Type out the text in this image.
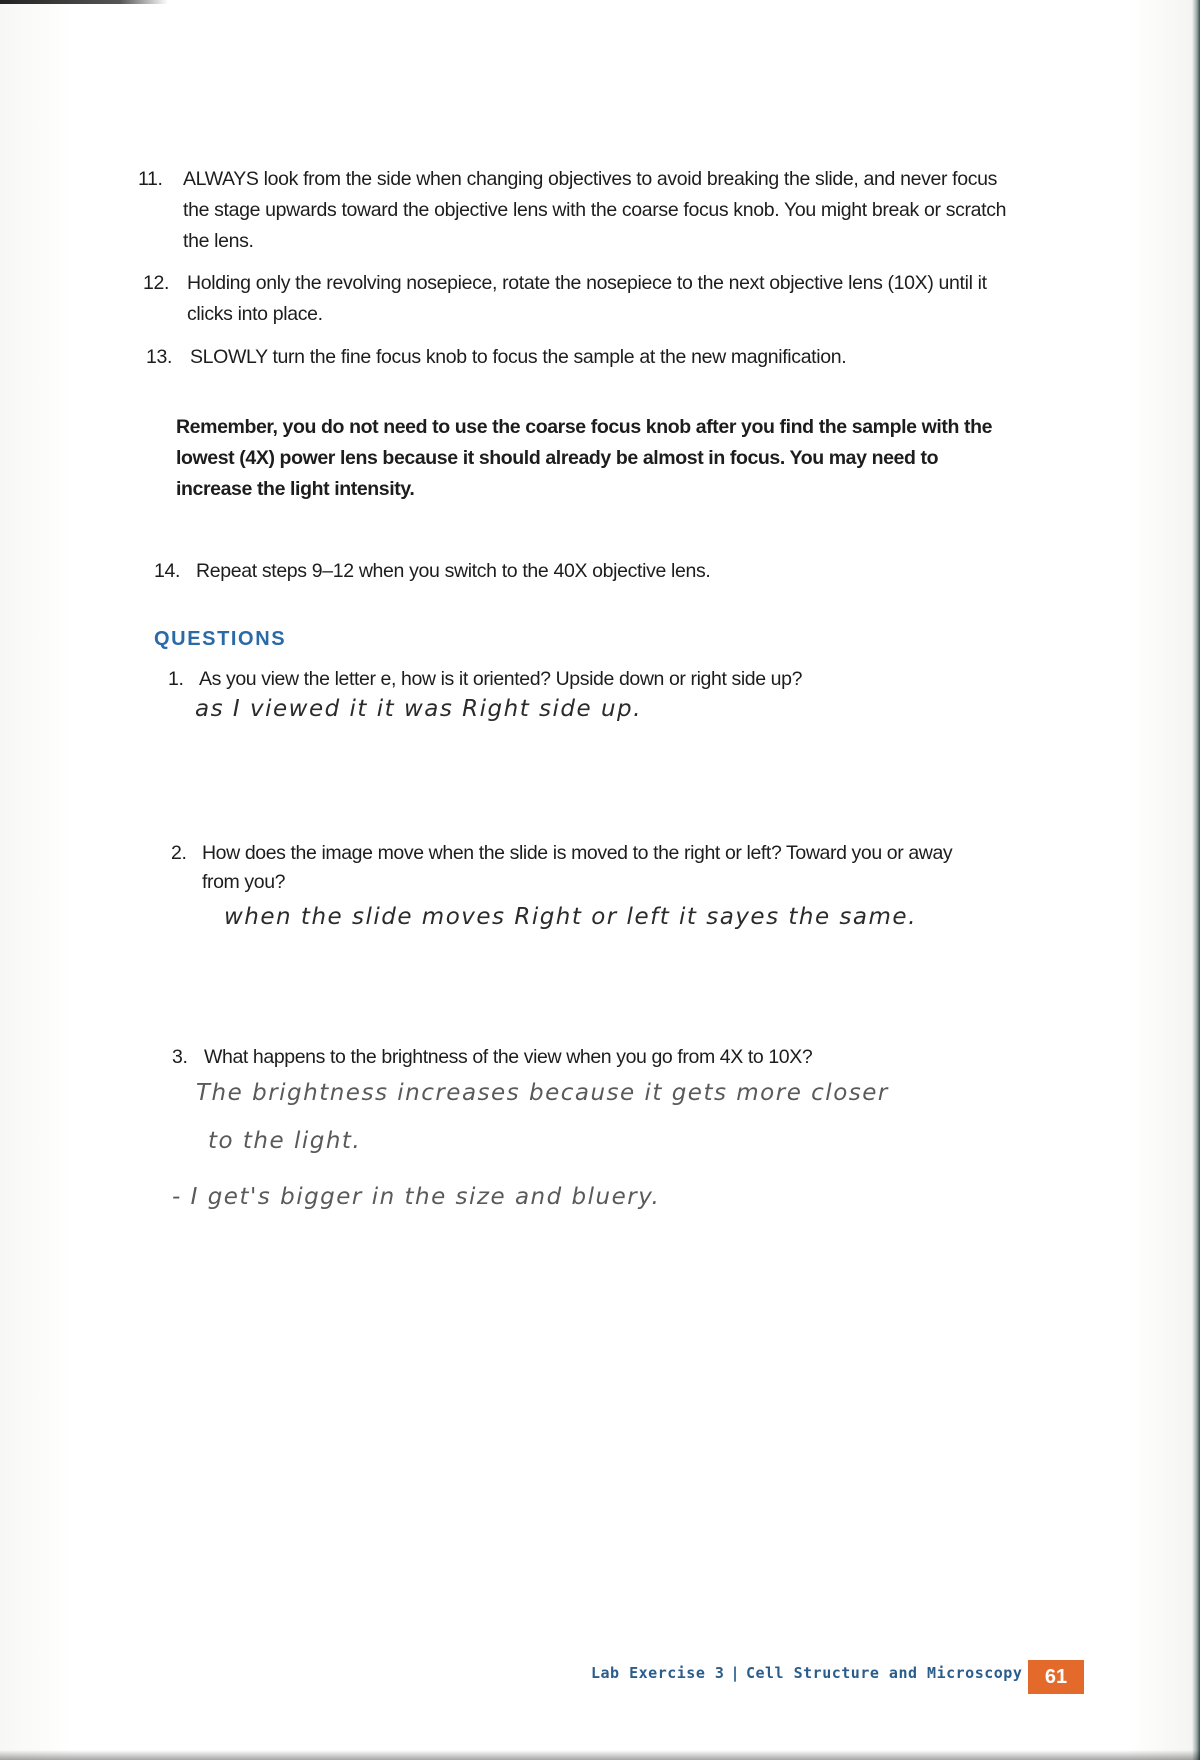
11. ALWAYS look from the side when changing objectives to avoid breaking the slide, and never focus the stage upwards toward the objective lens with the coarse focus knob. You might break or scratch the lens.
12. Holding only the revolving nosepiece, rotate the nosepiece to the next objective lens (10X) until it clicks into place.
13. SLOWLY turn the fine focus knob to focus the sample at the new magnification.
Remember, you do not need to use the coarse focus knob after you find the sample with the lowest (4X) power lens because it should already be almost in focus. You may need to increase the light intensity.
14. Repeat steps 9–12 when you switch to the 40X objective lens.
QUESTIONS
1. As you view the letter e, how is it oriented? Upside down or right side up?
as I viewed it it was Right side up.
2. How does the image move when the slide is moved to the right or left? Toward you or away from you?
when the slide moves Right or left it sayes the same.
3. What happens to the brightness of the view when you go from 4X to 10X?
The brightness increases because it gets more closer
to the light.
- I get's bigger in the size and bluery.
Lab Exercise 3 | Cell Structure and Microscopy	61
